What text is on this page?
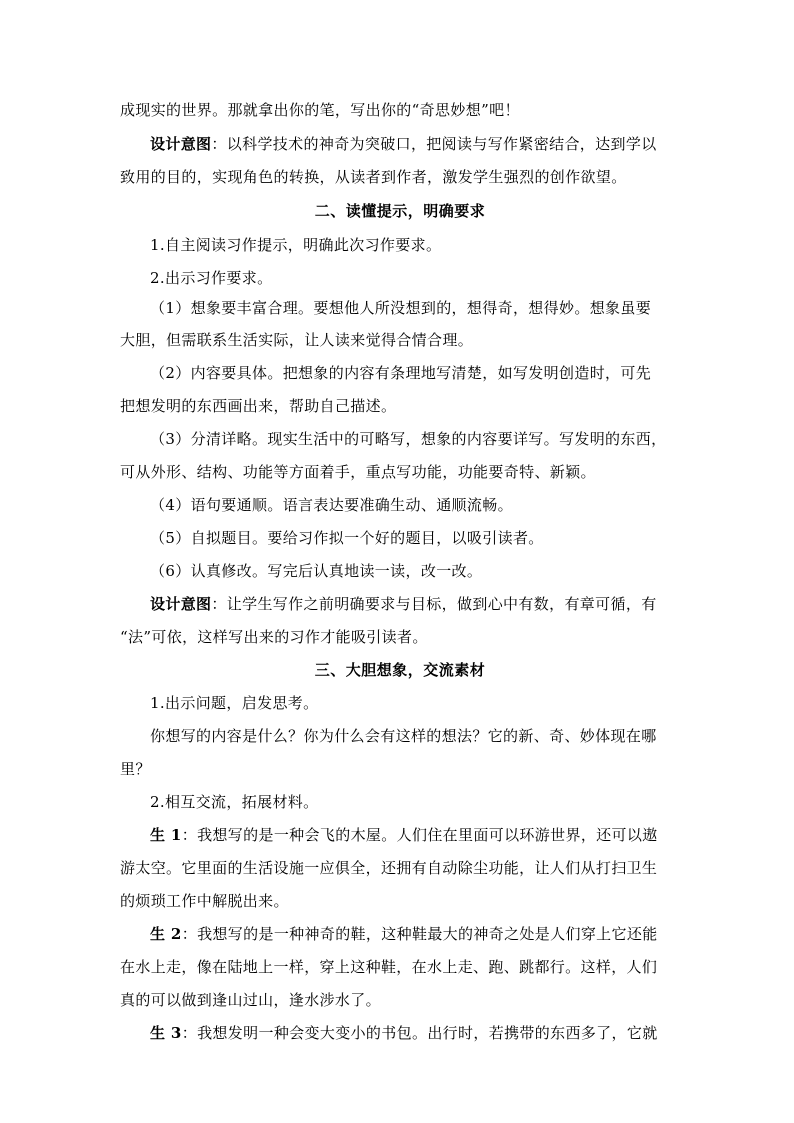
成现实的世界。那就拿出你的笔，写出你的“奇思妙想”吧！
设计意图：以科学技术的神奇为突破口，把阅读与写作紧密结合，达到学以
致用的目的，实现角色的转换，从读者到作者，激发学生强烈的创作欲望。
二、读懂提示，明确要求
1.自主阅读习作提示，明确此次习作要求。
2.出示习作要求。
（1）想象要丰富合理。要想他人所没想到的，想得奇，想得妙。想象虽要
大胆，但需联系生活实际，让人读来觉得合情合理。
（2）内容要具体。把想象的内容有条理地写清楚，如写发明创造时，可先
把想发明的东西画出来，帮助自己描述。
（3）分清详略。现实生活中的可略写，想象的内容要详写。写发明的东西，
可从外形、结构、功能等方面着手，重点写功能，功能要奇特、新颖。
（4）语句要通顺。语言表达要准确生动、通顺流畅。
（5）自拟题目。要给习作拟一个好的题目，以吸引读者。
（6）认真修改。写完后认真地读一读，改一改。
设计意图：让学生写作之前明确要求与目标，做到心中有数，有章可循，有
“法”可依，这样写出来的习作才能吸引读者。
三、大胆想象，交流素材
1.出示问题，启发思考。
你想写的内容是什么？你为什么会有这样的想法？它的新、奇、妙体现在哪
里？
2.相互交流，拓展材料。
生 1：我想写的是一种会飞的木屋。人们住在里面可以环游世界，还可以遨
游太空。它里面的生活设施一应俱全，还拥有自动除尘功能，让人们从打扫卫生
的烦琐工作中解脱出来。
生 2：我想写的是一种神奇的鞋，这种鞋最大的神奇之处是人们穿上它还能
在水上走，像在陆地上一样，穿上这种鞋，在水上走、跑、跳都行。这样，人们
真的可以做到逢山过山，逢水涉水了。
生 3：我想发明一种会变大变小的书包。出行时，若携带的东西多了，它就
